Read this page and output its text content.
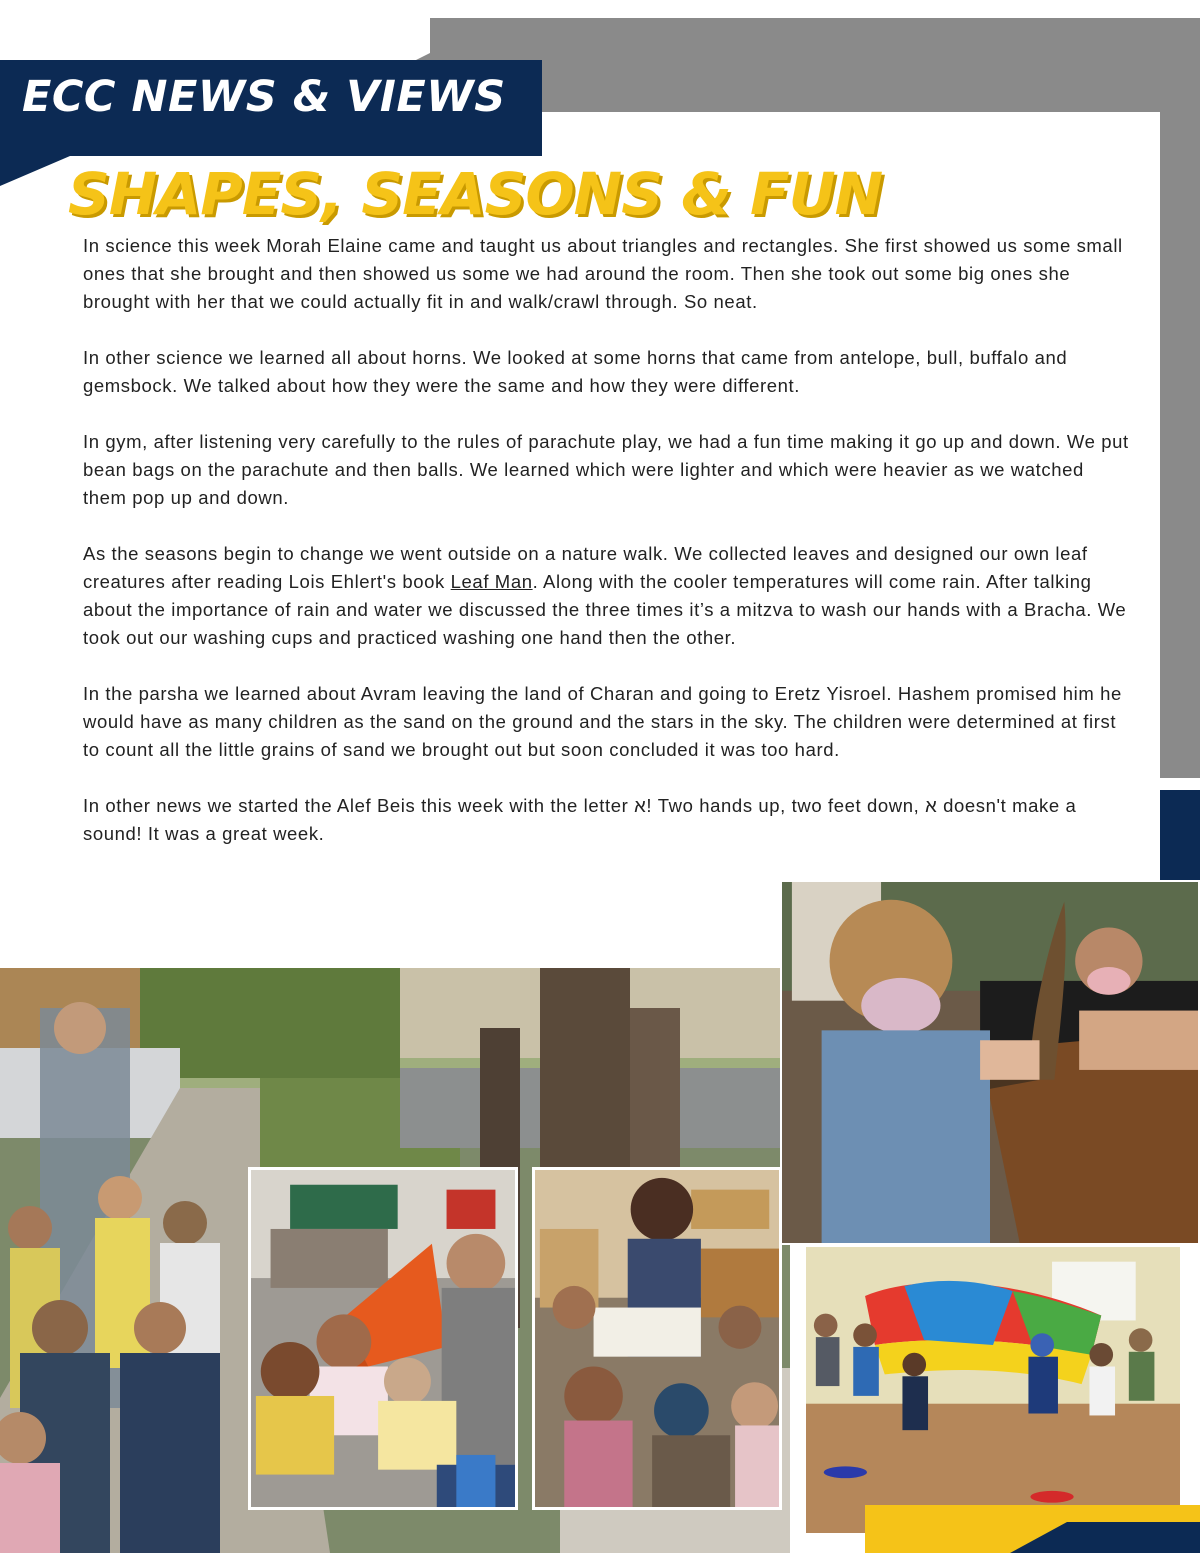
ECC NEWS & VIEWS
SHAPES, SEASONS & FUN

In science this week Morah Elaine came and taught us about triangles and rectangles. She first showed us some small ones that she brought and then showed us some we had around the room. Then she took out some big ones she brought with her that we could actually fit in and walk/crawl through. So neat.

In other science we learned all about horns. We looked at some horns that came from antelope, bull, buffalo and gemsbock. We talked about how they were the same and how they were different.

In gym, after listening very carefully to the rules of parachute play, we had a fun time making it go up and down. We put bean bags on the parachute and then balls. We learned which were lighter and which were heavier as we watched them pop up and down.

As the seasons begin to change we went outside on a nature walk. We collected leaves and designed our own leaf creatures after reading Lois Ehlert's book Leaf Man. Along with the cooler temperatures will come rain. After talking about the importance of rain and water we discussed the three times it’s a mitzva to wash our hands with a Bracha. We took out our washing cups and practiced washing one hand then the other.

In the parsha we learned about Avram leaving the land of Charan and going to Eretz Yisroel. Hashem promised him he would have as many children as the sand on the ground and the stars in the sky. The children were determined at first to count all the little grains of sand we brought out but soon concluded it was too hard.

In other news we started the Alef Beis this week with the letter א! Two hands up, two feet down, א doesn't make a sound! It was a great week.
